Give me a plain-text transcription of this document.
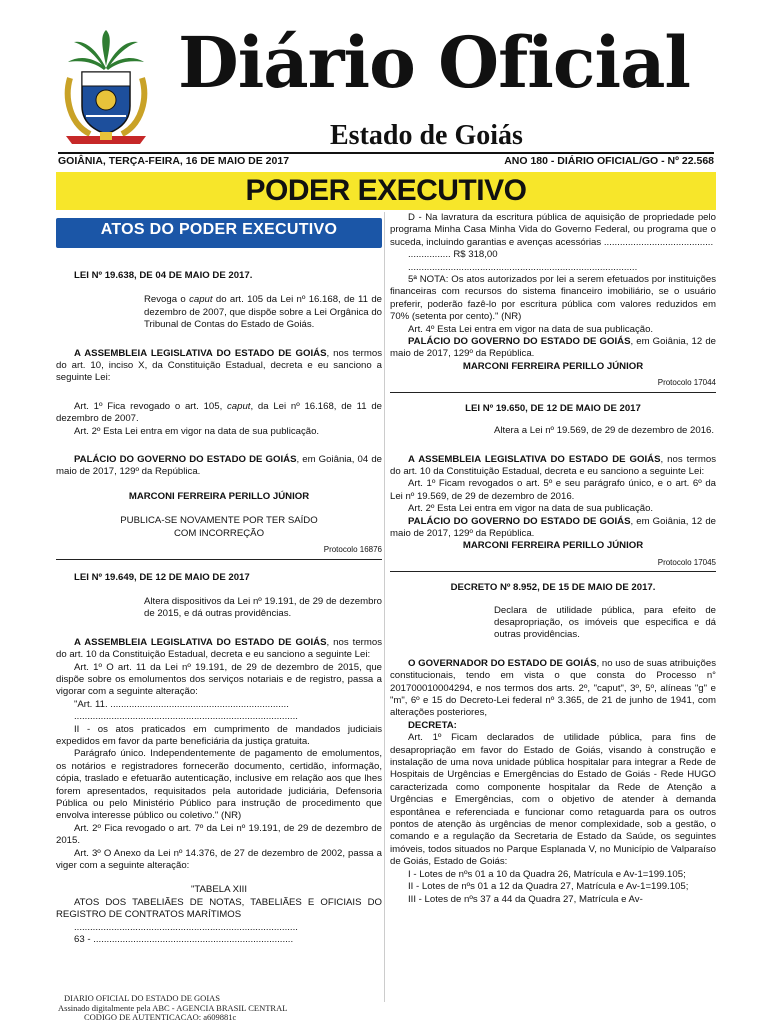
Diário Oficial
Estado de Goiás
GOIÂNIA, TERÇA-FEIRA, 16 DE MAIO DE 2017	ANO 180 - DIÁRIO OFICIAL/GO - Nº 22.568
PODER EXECUTIVO
ATOS DO PODER EXECUTIVO

LEI Nº 19.638, DE 04 DE MAIO DE 2017.

Revoga o caput do art. 105 da Lei nº 16.168, de 11 de dezembro de 2007, que dispõe sobre a Lei Orgânica do Tribunal de Contas do Estado de Goiás.

A ASSEMBLEIA LEGISLATIVA DO ESTADO DE GOIÁS, nos termos do art. 10, inciso X, da Constituição Estadual, decreta e eu sanciono a seguinte Lei:

Art. 1º Fica revogado o art. 105, caput, da Lei nº 16.168, de 11 de dezembro de 2007.

Art. 2º Esta Lei entra em vigor na data de sua publicação.

PALÁCIO DO GOVERNO DO ESTADO DE GOIÁS, em Goiânia, 04 de maio de 2017, 129º da República.

MARCONI FERREIRA PERILLO JÚNIOR

PUBLICA-SE NOVAMENTE POR TER SAÍDO COM INCORREÇÃO

Protocolo 16876

LEI Nº 19.649, DE 12 DE MAIO DE 2017

Altera dispositivos da Lei nº 19.191, de 29 de dezembro de 2015, e dá outras providências.

A ASSEMBLEIA LEGISLATIVA DO ESTADO DE GOIÁS, nos termos do art. 10 da Constituição Estadual, decreta e eu sanciono a seguinte Lei:

Art. 1º O art. 11 da Lei nº 19.191, de 29 de dezembro de 2015, que dispõe sobre os emolumentos dos serviços notariais e de registro, passa a vigorar com a seguinte alteração:

"Art. 11. ...................................................................

....................................................................................

II - os atos praticados em cumprimento de mandados judiciais expedidos em favor da parte beneficiária da justiça gratuita.

Parágrafo único. Independentemente de pagamento de emolumentos, os notários e registradores fornecerão documento, certidão, informação, cópia, traslado e efetuarão autenticação, inclusive em relação aos que lhes forem apresentados, requisitados pela autoridade judiciária, Defensoria Pública ou pelo Ministério Público para instrução de procedimento que envolva interesse público ou coletivo." (NR)

Art. 2º Fica revogado o art. 7º da Lei nº 19.191, de 29 de dezembro de 2015.

Art. 3º O Anexo da Lei nº 14.376, de 27 de dezembro de 2002, passa a viger com a seguinte alteração:

"TABELA XIII

ATOS DOS TABELIÃES DE NOTAS, TABELIÃES E OFICIAIS DO REGISTRO DE CONTRATOS MARÍTIMOS

....................................................................................

63 - ...........................................................................

D - Na lavratura da escritura pública de aquisição de propriedade pelo programa Minha Casa Minha Vida do Governo Federal, ou programa que o suceda, incluindo garantias e avenças acessórias .........................................

................ R$ 318,00

......................................................................................

5ª NOTA: Os atos autorizados por lei a serem efetuados por instituições financeiras com recursos do sistema financeiro imobiliário, se o usuário preferir, poderão fazê-lo por escritura pública com valores reduzidos em 70% (setenta por cento)." (NR)

Art. 4º Esta Lei entra em vigor na data de sua publicação.

PALÁCIO DO GOVERNO DO ESTADO DE GOIÁS, em Goiânia, 12 de maio de 2017, 129º da República.

MARCONI FERREIRA PERILLO JÚNIOR

Protocolo 17044

LEI Nº 19.650, DE 12 DE MAIO DE 2017

Altera a Lei nº 19.569, de 29 de dezembro de 2016.

A ASSEMBLEIA LEGISLATIVA DO ESTADO DE GOIÁS, nos termos do art. 10 da Constituição Estadual, decreta e eu sanciono a seguinte Lei:

Art. 1º Ficam revogados o art. 5º e seu parágrafo único, e o art. 6º da Lei nº 19.569, de 29 de dezembro de 2016.

Art. 2º Esta Lei entra em vigor na data de sua publicação.

PALÁCIO DO GOVERNO DO ESTADO DE GOIÁS, em Goiânia, 12 de maio de 2017, 129º da República.

MARCONI FERREIRA PERILLO JÚNIOR

Protocolo 17045

DECRETO Nº 8.952, DE 15 DE MAIO DE 2017.

Declara de utilidade pública, para efeito de desapropriação, os imóveis que especifica e dá outras providências.

O GOVERNADOR DO ESTADO DE GOIÁS, no uso de suas atribuições constitucionais, tendo em vista o que consta do Processo n° 201700010004294, e nos termos dos arts. 2º, "caput", 3º, 5º, alíneas "g" e "m", 6º e 15 do Decreto-Lei federal nº 3.365, de 21 de junho de 1941, com alterações posteriores,

DECRETA:

Art. 1º Ficam declarados de utilidade pública, para fins de desapropriação em favor do Estado de Goiás, visando à construção e instalação de uma nova unidade pública hospitalar para integrar a Rede de Hospitais de Urgências e Emergências do Estado de Goiás - Rede HUGO caracterizada como componente hospitalar da Rede de Atenção a Urgências e Emergências, com o objetivo de atender à demanda espontânea e referenciada e funcionar como retaguarda para os outros pontos de atenção às urgências de menor complexidade, sob a gestão, o comando e a regulação da Secretaria de Estado da Saúde, os seguintes imóveis, todos situados no Parque Esplanada V, no Município de Valparaíso de Goiás, Estado de Goiás:

I - Lotes de nºs 01 a 10 da Quadra 26, Matrícula e Av-1=199.105;

II - Lotes de nºs 01 a 12 da Quadra 27, Matrícula e Av-1=199.105;

III - Lotes de nºs 37 a 44 da Quadra 27, Matrícula e Av-

DIARIO OFICIAL DO ESTADO DE GOIAS
Assinado digitalmente pela ABC - AGENCIA BRASIL CENTRAL
CODIGO DE AUTENTICACAO: a609881c
